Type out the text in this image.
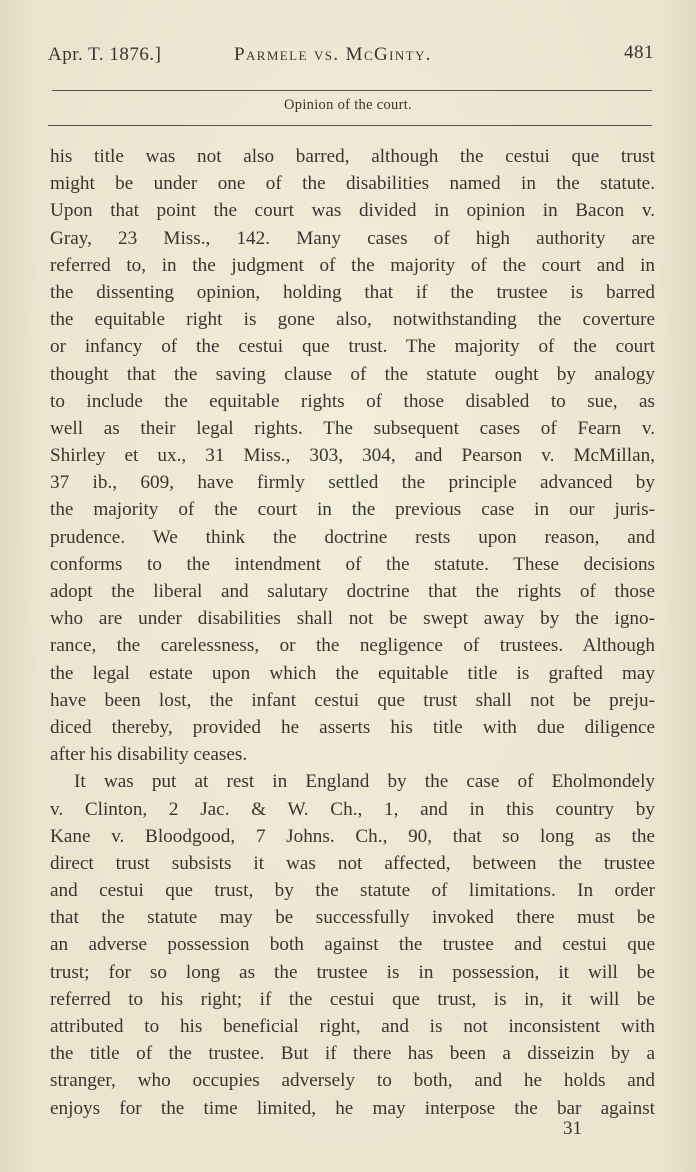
Apr. T. 1876.]	Parmele vs. McGinty.	481
Opinion of the court.
his title was not also barred, although the cestui que trust
might be under one of the disabilities named in the statute.
Upon that point the court was divided in opinion in Bacon v.
Gray, 23 Miss., 142. Many cases of high authority are
referred to, in the judgment of the majority of the court and in
the dissenting opinion, holding that if the trustee is barred
the equitable right is gone also, notwithstanding the coverture
or infancy of the cestui que trust. The majority of the court
thought that the saving clause of the statute ought by analogy
to include the equitable rights of those disabled to sue, as
well as their legal rights. The subsequent cases of Fearn v.
Shirley et ux., 31 Miss., 303, 304, and Pearson v. McMillan,
37 ib., 609, have firmly settled the principle advanced by
the majority of the court in the previous case in our juris-
prudence. We think the doctrine rests upon reason, and
conforms to the intendment of the statute. These decisions
adopt the liberal and salutary doctrine that the rights of those
who are under disabilities shall not be swept away by the igno-
rance, the carelessness, or the negligence of trustees. Although
the legal estate upon which the equitable title is grafted may
have been lost, the infant cestui que trust shall not be preju-
diced thereby, provided he asserts his title with due diligence
after his disability ceases.
It was put at rest in England by the case of Eholmondely
v. Clinton, 2 Jac. & W. Ch., 1, and in this country by
Kane v. Bloodgood, 7 Johns. Ch., 90, that so long as the
direct trust subsists it was not affected, between the trustee
and cestui que trust, by the statute of limitations. In order
that the statute may be successfully invoked there must be
an adverse possession both against the trustee and cestui que
trust; for so long as the trustee is in possession, it will be
referred to his right; if the cestui que trust, is in, it will be
attributed to his beneficial right, and is not inconsistent with
the title of the trustee. But if there has been a disseizin by a
stranger, who occupies adversely to both, and he holds and
enjoys for the time limited, he may interpose the bar against
31
